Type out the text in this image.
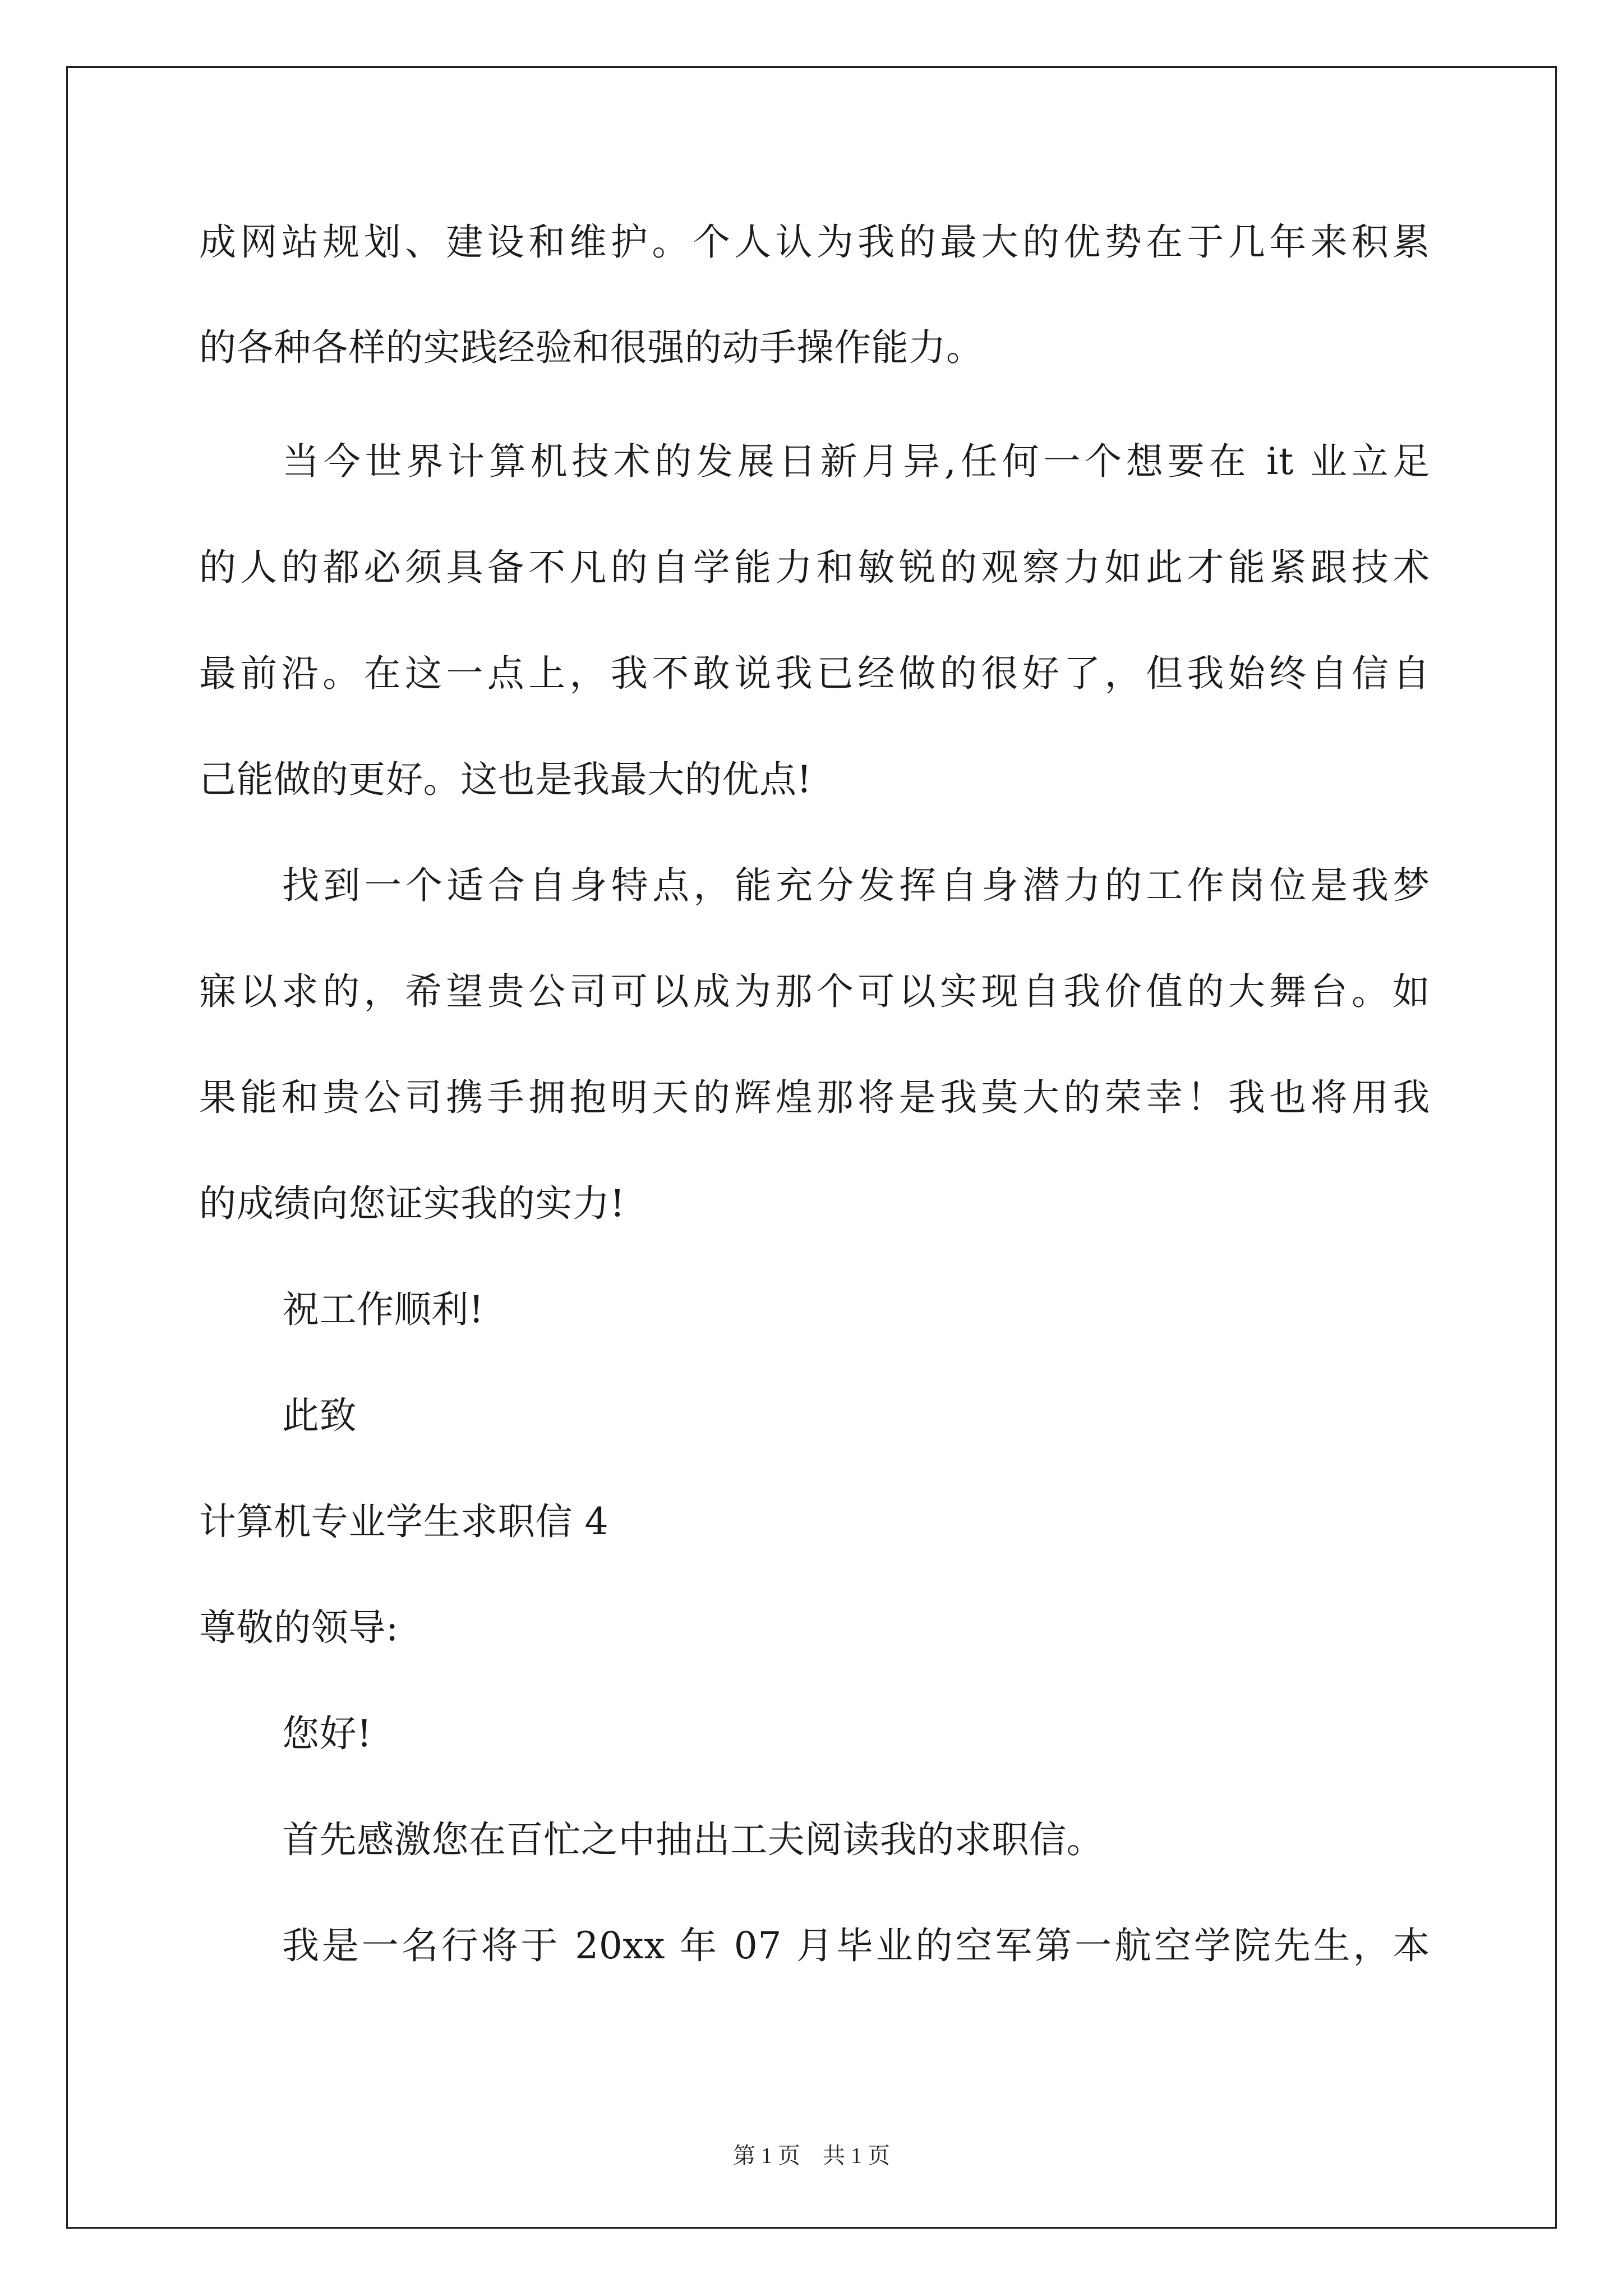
成网站规划、建设和维护。个人认为我的最大的优势在于几年来积累
的各种各样的实践经验和很强的动手操作能力。
当今世界计算机技术的发展日新月异,任何一个想要在 it 业立足
的人的都必须具备不凡的自学能力和敏锐的观察力如此才能紧跟技术
最前沿。在这一点上，我不敢说我已经做的很好了，但我始终自信自
己能做的更好。这也是我最大的优点!
找到一个适合自身特点，能充分发挥自身潜力的工作岗位是我梦
寐以求的，希望贵公司可以成为那个可以实现自我价值的大舞台。如
果能和贵公司携手拥抱明天的辉煌那将是我莫大的荣幸！我也将用我
的成绩向您证实我的实力!
祝工作顺利!
此致
计算机专业学生求职信 4
尊敬的领导:
您好!
首先感激您在百忙之中抽出工夫阅读我的求职信。
我是一名行将于 20xx 年 07 月毕业的空军第一航空学院先生，本
第 1 页　共 1 页
